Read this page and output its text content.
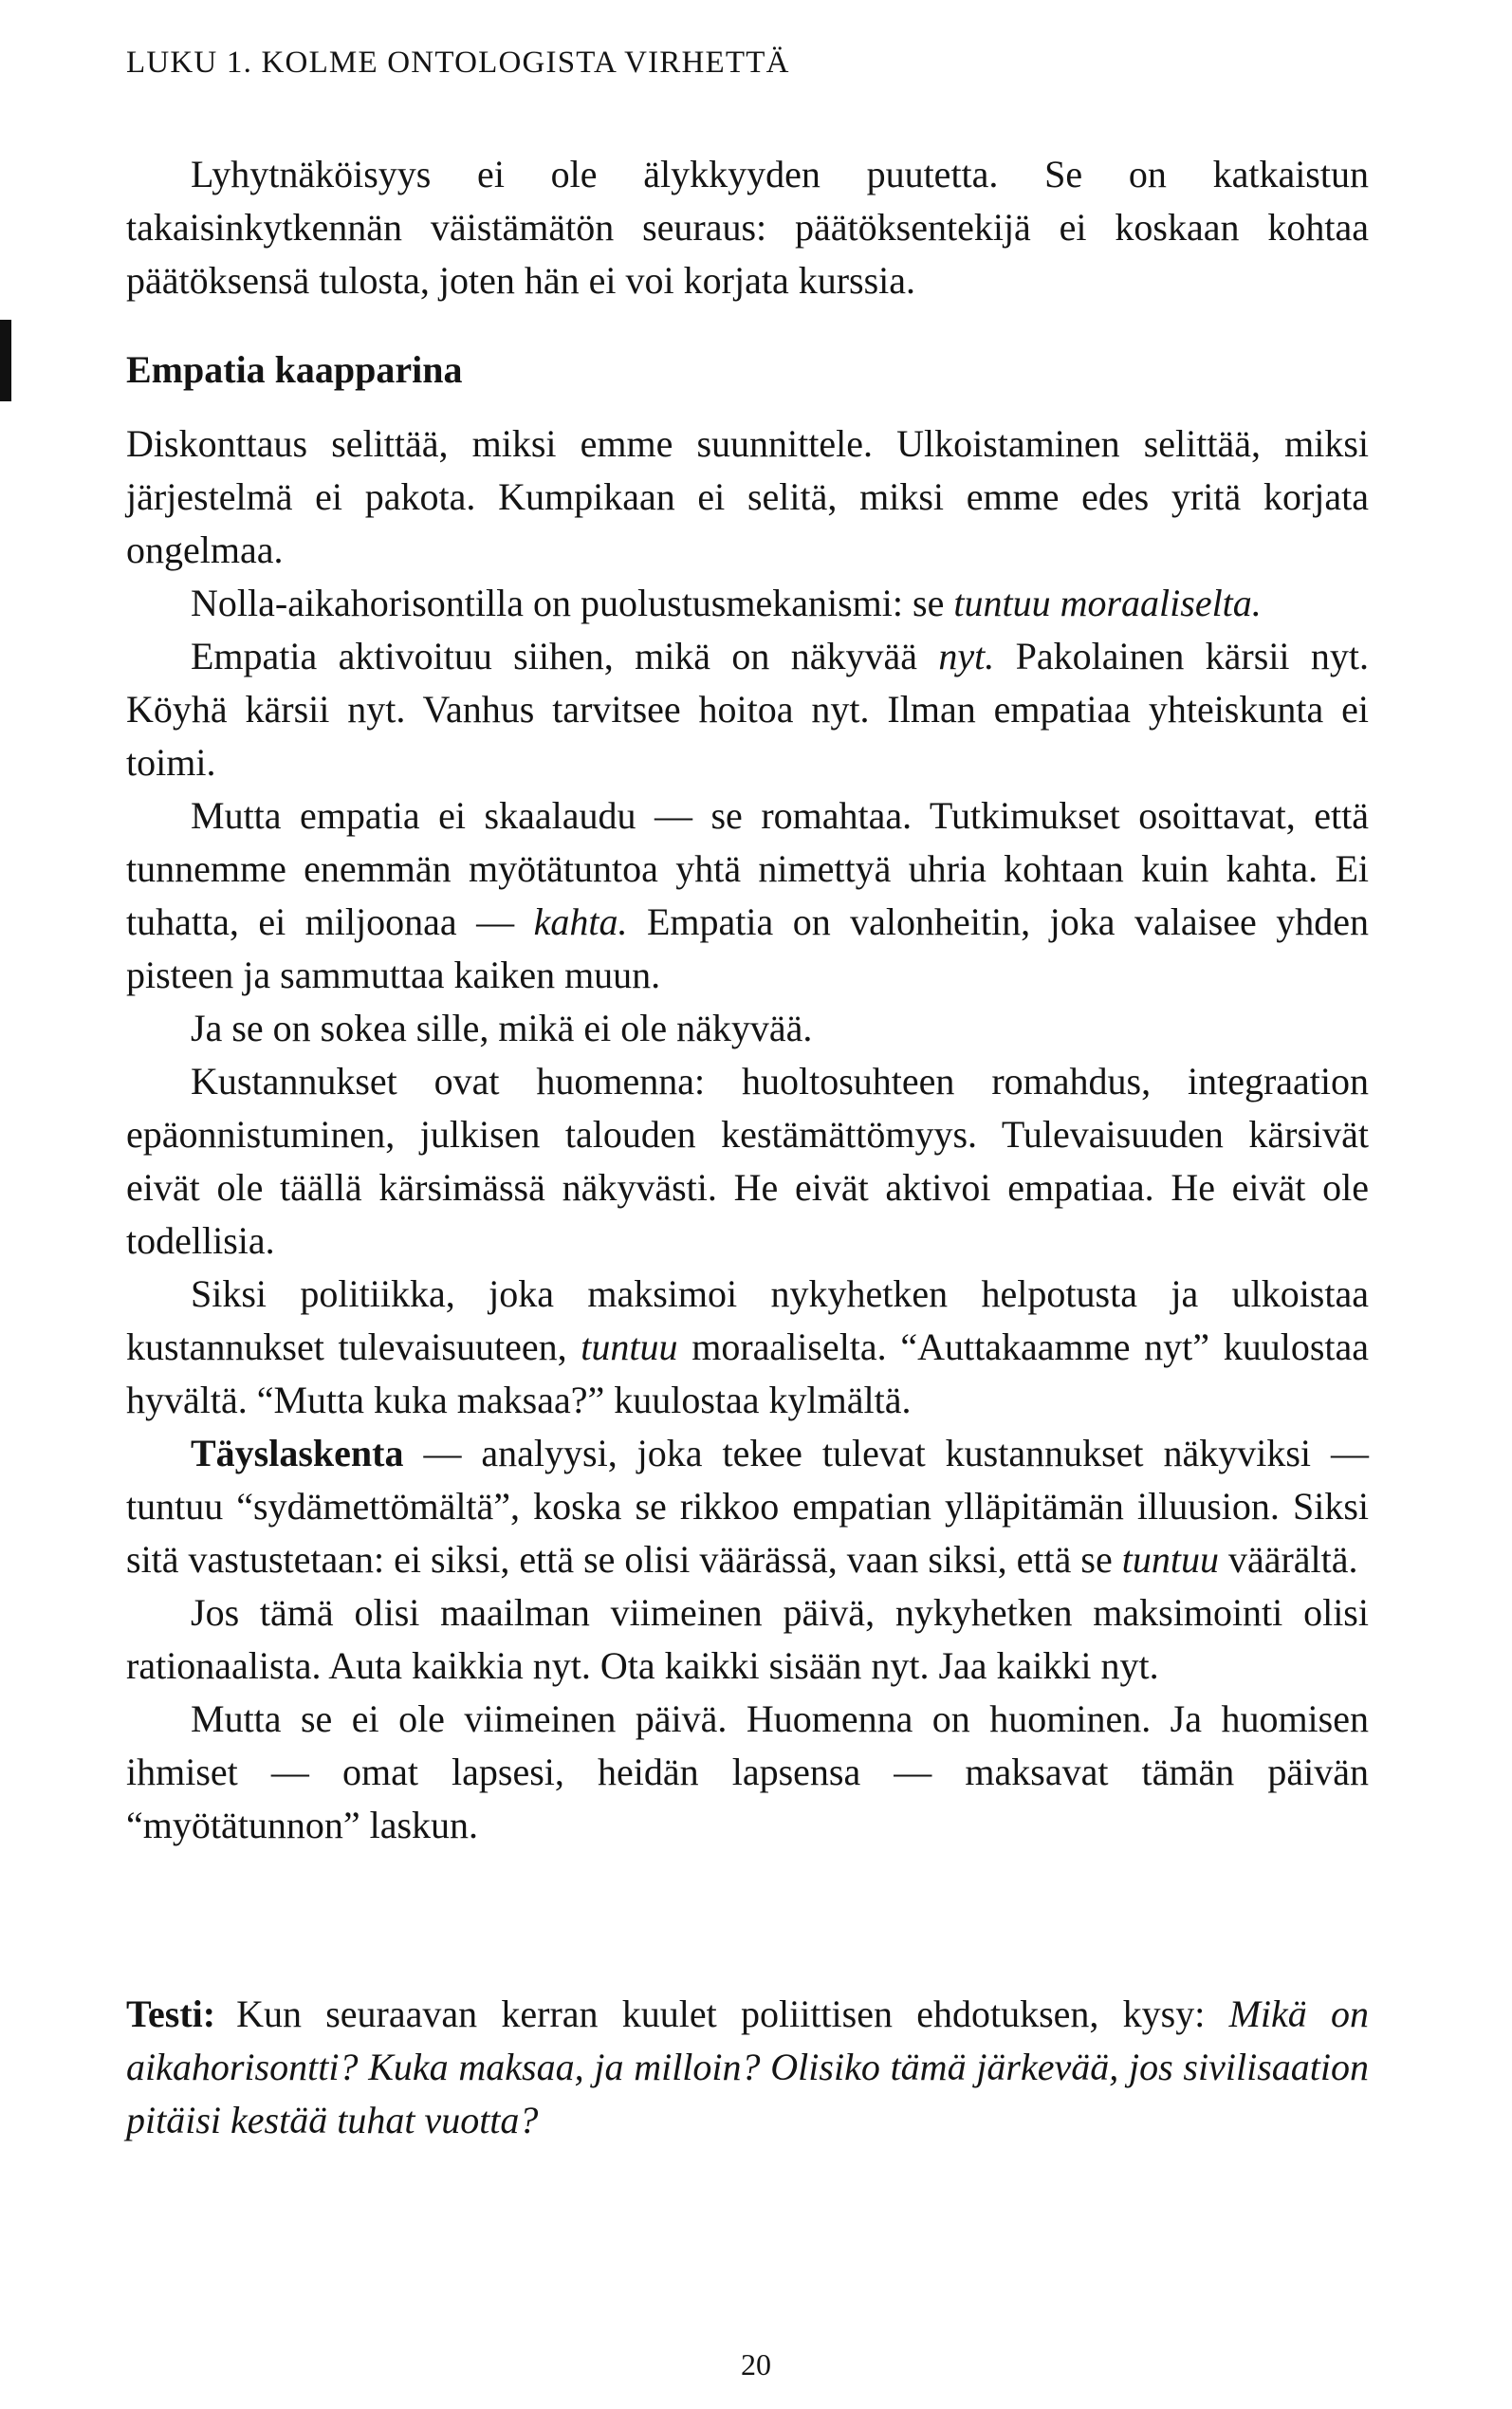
LUKU 1. KOLME ONTOLOGISTA VIRHETTÄ

Lyhytnäköisyys ei ole älykkyyden puutetta. Se on katkaistun takaisinkytkennän väistämätön seuraus: päätöksentekijä ei koskaan kohtaa päätöksensä tulosta, joten hän ei voi korjata kurssia.

Empatia kaapparina

Diskonttaus selittää, miksi emme suunnittele. Ulkoistaminen selittää, miksi järjestelmä ei pakota. Kumpikaan ei selitä, miksi emme edes yritä korjata ongelmaa.

Nolla-aikahorisontilla on puolustusmekanismi: se tuntuu moraaliselta.

Empatia aktivoituu siihen, mikä on näkyvää nyt. Pakolainen kärsii nyt. Köyhä kärsii nyt. Vanhus tarvitsee hoitoa nyt. Ilman empatiaa yhteiskunta ei toimi.

Mutta empatia ei skaalaudu — se romahtaa. Tutkimukset osoittavat, että tunnemme enemmän myötätuntoa yhtä nimettyä uhria kohtaan kuin kahta. Ei tuhatta, ei miljoonaa — kahta. Empatia on valonheitin, joka valaisee yhden pisteen ja sammuttaa kaiken muun.

Ja se on sokea sille, mikä ei ole näkyvää.

Kustannukset ovat huomenna: huoltosuhteen romahdus, integraation epäonnistuminen, julkisen talouden kestämättömyys. Tulevaisuuden kärsivät eivät ole täällä kärsimässä näkyvästi. He eivät aktivoi empatiaa. He eivät ole todellisia.

Siksi politiikka, joka maksimoi nykyhetken helpotusta ja ulkoistaa kustannukset tulevaisuuteen, tuntuu moraaliselta. “Auttakaamme nyt” kuulostaa hyvältä. “Mutta kuka maksaa?” kuulostaa kylmältä.

Täyslaskenta — analyysi, joka tekee tulevat kustannukset näkyviksi — tuntuu “sydämettömältä”, koska se rikkoo empatian ylläpitämän illuusion. Siksi sitä vastustetaan: ei siksi, että se olisi väärässä, vaan siksi, että se tuntuu väärältä.

Jos tämä olisi maailman viimeinen päivä, nykyhetken maksimointi olisi rationaalista. Auta kaikkia nyt. Ota kaikki sisään nyt. Jaa kaikki nyt.

Mutta se ei ole viimeinen päivä. Huomenna on huominen. Ja huomisen ihmiset — omat lapsesi, heidän lapsensa — maksavat tämän päivän “myötätunnon” laskun.

Testi: Kun seuraavan kerran kuulet poliittisen ehdotuksen, kysy: Mikä on aikahorisontti? Kuka maksaa, ja milloin? Olisiko tämä järkevää, jos sivilisaation pitäisi kestää tuhat vuotta?

20
